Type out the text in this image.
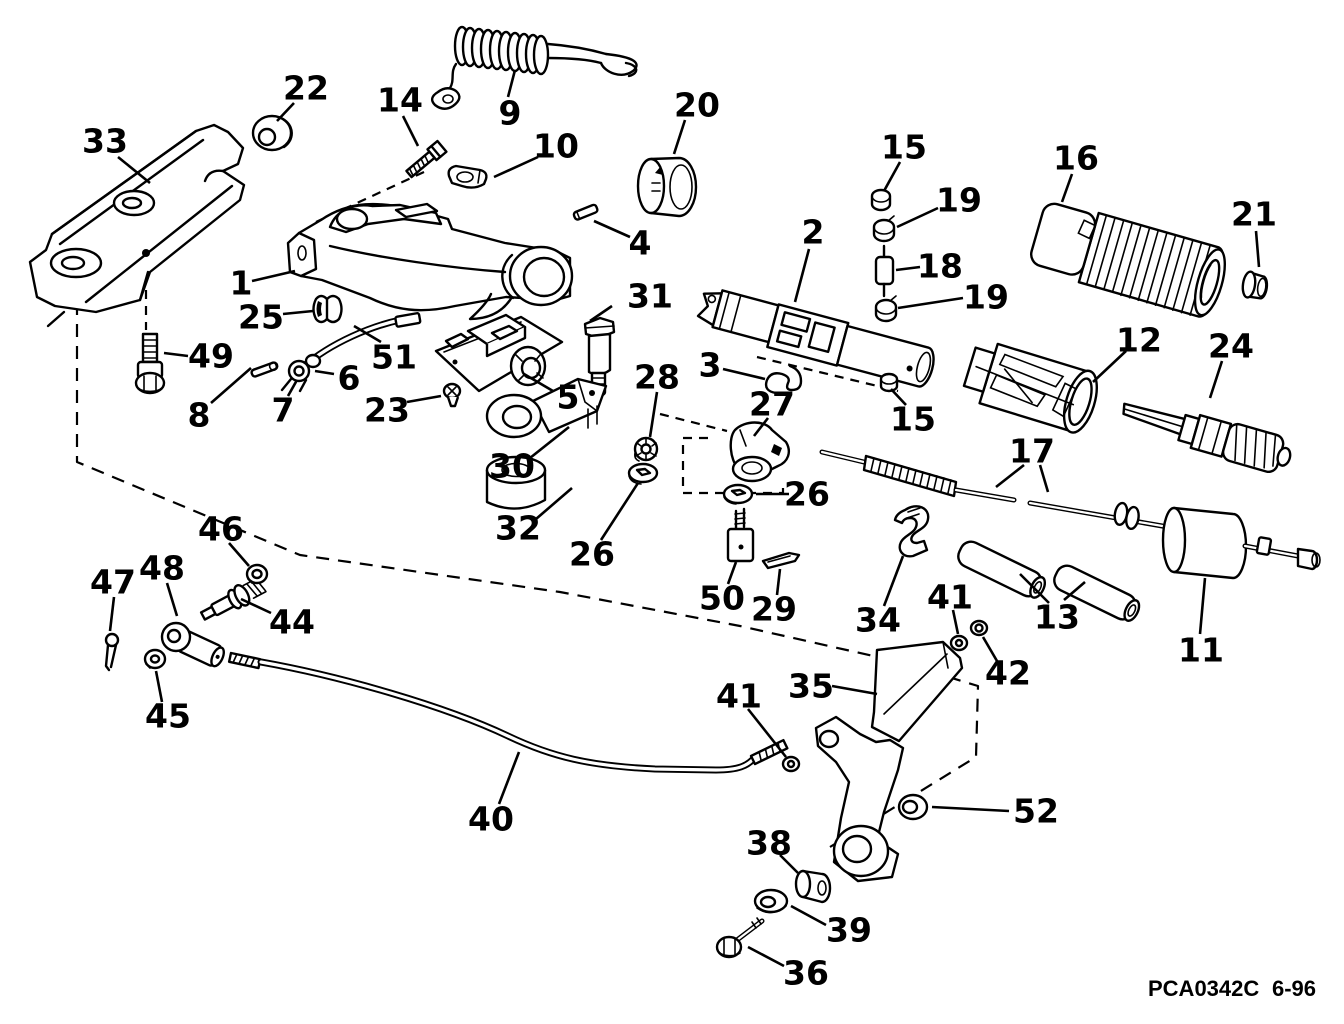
33
22 14 9
10
20
4	2
1	31
25
15
19
18
19
16
21
12 24
49	51
6
8 7 23	5
28 3
27
30
26
17
32
26
46
15
50 29 34
41
13
11
42
47 48
44
45
41 35
40
38
52
39
36	PCA0342C 6-96
